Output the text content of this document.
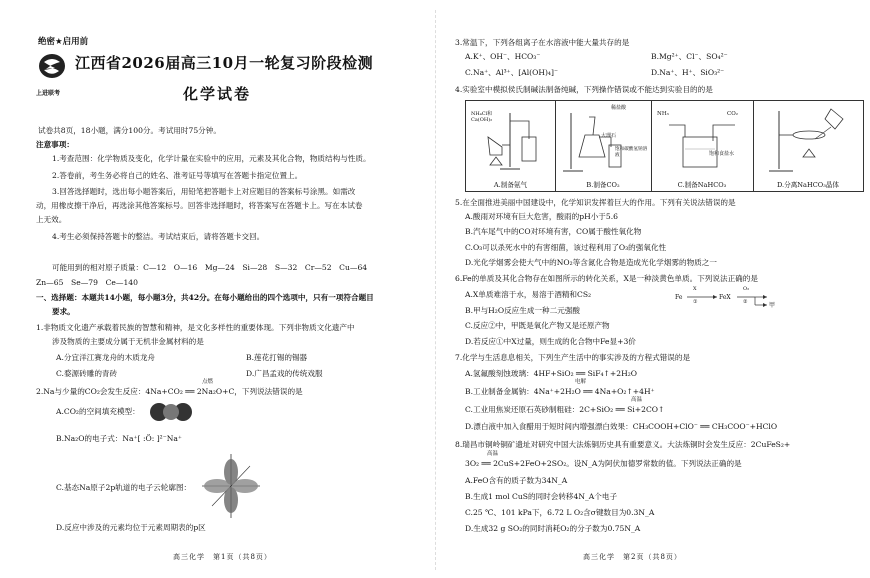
绝密★启用前
上进联考
江西省2026届高三10月一轮复习阶段检测
化学试卷
试卷共8页，18小题，满分100分。考试用时75分钟。
注意事项：
1.考查范围：化学物质及变化，化学计量在实验中的应用，元素及其化合物，物质结构与性质。
2.答卷前，考生务必将自己的姓名、准考证号等填写在答题卡指定位置上。
3.回答选择题时，选出每小题答案后，用铅笔把答题卡上对应题目的答案标号涂黑。如需改
动，用橡皮擦干净后，再选涂其他答案标号。回答非选择题时，将答案写在答题卡上。写在本试卷
上无效。
4.考生必须保持答题卡的整洁。考试结束后，请将答题卡交回。
可能用到的相对原子质量：C—12　O—16　Mg—24　Si—28　S—32　Cr—52　Cu—64
Zn—65　Se—79　Ce—140
一、选择题：本题共14小题，每小题3分，共42分。在每小题给出的四个选项中，只有一项符合题目
要求。
1.非物质文化遗产承载着民族的智慧和精神，是文化多样性的重要体现。下列非物质文化遗产中
涉及物质的主要成分属于无机非金属材料的是
A.分宜洋江赛龙舟的木质龙舟	B.莲花打锡的锡器
C.婺源砖雕的青砖	D.广昌孟戏的传统戏服
点燃
2.Na与少量的CO₂会发生反应：4Na+CO₂ ══ 2Na₂O+C，下列说法错误的是
A.CO₂的空间填充模型：
B.Na₂O的电子式：Na⁺[ :Ö: ]²⁻Na⁺
C.基态Na原子2p轨道的电子云轮廓图：
D.反应中涉及的元素均位于元素周期表的p区
高三化学　第1页（共8页）
3.常温下，下列各组离子在水溶液中能大量共存的是
A.K⁺、OH⁻、HCO₃⁻	B.Mg²⁺、Cl⁻、SO₄²⁻
C.Na⁺、Al³⁺、[Al(OH)₄]⁻	D.Na⁺、H⁺、SiO₃²⁻
4.实验室中模拟侯氏制碱法制备纯碱，下列操作错误或不能达到实验目的的是
NH₄Cl和Ca(OH)₂
A.制备氨气
稀盐酸
大理石
饱和碳酸氢钠溶液
B.制备CO₂
NH₃	CO₂
饱和食盐水
C.制备NaHCO₃	D.分离NaHCO₃晶体
5.在全面推进美丽中国建设中，化学知识发挥着巨大的作用。下列有关说法错误的是
A.酸雨对环境有巨大危害，酸雨的pH小于5.6
B.汽车尾气中的CO对环境有害，CO属于酸性氧化物
C.O₃可以杀死水中的有害细菌，该过程利用了O₃的强氧化性
D.光化学烟雾会使大气中的NO₂等含氮化合物是造成光化学烟雾的物质之一
6.Fe的单质及其化合物存在如图所示的转化关系，X是一种淡黄色单质。下列说法正确的是
A.X单质难溶于水，易溶于酒精和CS₂
B.甲与H₂O反应生成一种二元强酸
C.反应②中，甲既是氧化产物又是还原产物
D.若反应①中X过量，则生成的化合物中Fe显+3价
Fe
X
①
FeX
O₂
②	甲
7.化学与生活息息相关，下列生产生活中的事实涉及的方程式错误的是
A.氢氟酸刻蚀玻璃：4HF+SiO₂ ══ SiF₄↑+2H₂O
电解
B.工业制备金属钠：4Na⁺+2H₂O ══ 4Na+O₂↑+4H⁺
高温
C.工业用焦炭还原石英砂制粗硅：2C+SiO₂ ══ Si+2CO↑
D.漂白液中加入食醋用于短时间内增强漂白效果：CH₃COOH+ClO⁻ ══ CH₃COO⁻+HClO
8.瑞昌市铜岭铜矿遗址对研究中国大法炼铜历史具有重要意义。大法炼铜时会发生反应：2CuFeS₂+
高温
3O₂ ══ 2CuS+2FeO+2SO₂。设N_A为阿伏加德罗常数的值。下列说法正确的是
A.FeO含有的质子数为34N_A
B.生成1 mol CuS的同时会转移4N_A个电子
C.25 ℃、101 kPa下，6.72 L O₂含σ键数目为0.3N_A
D.生成32 g SO₂的同时消耗O₂的分子数为0.75N_A
高三化学　第2页（共8页）
